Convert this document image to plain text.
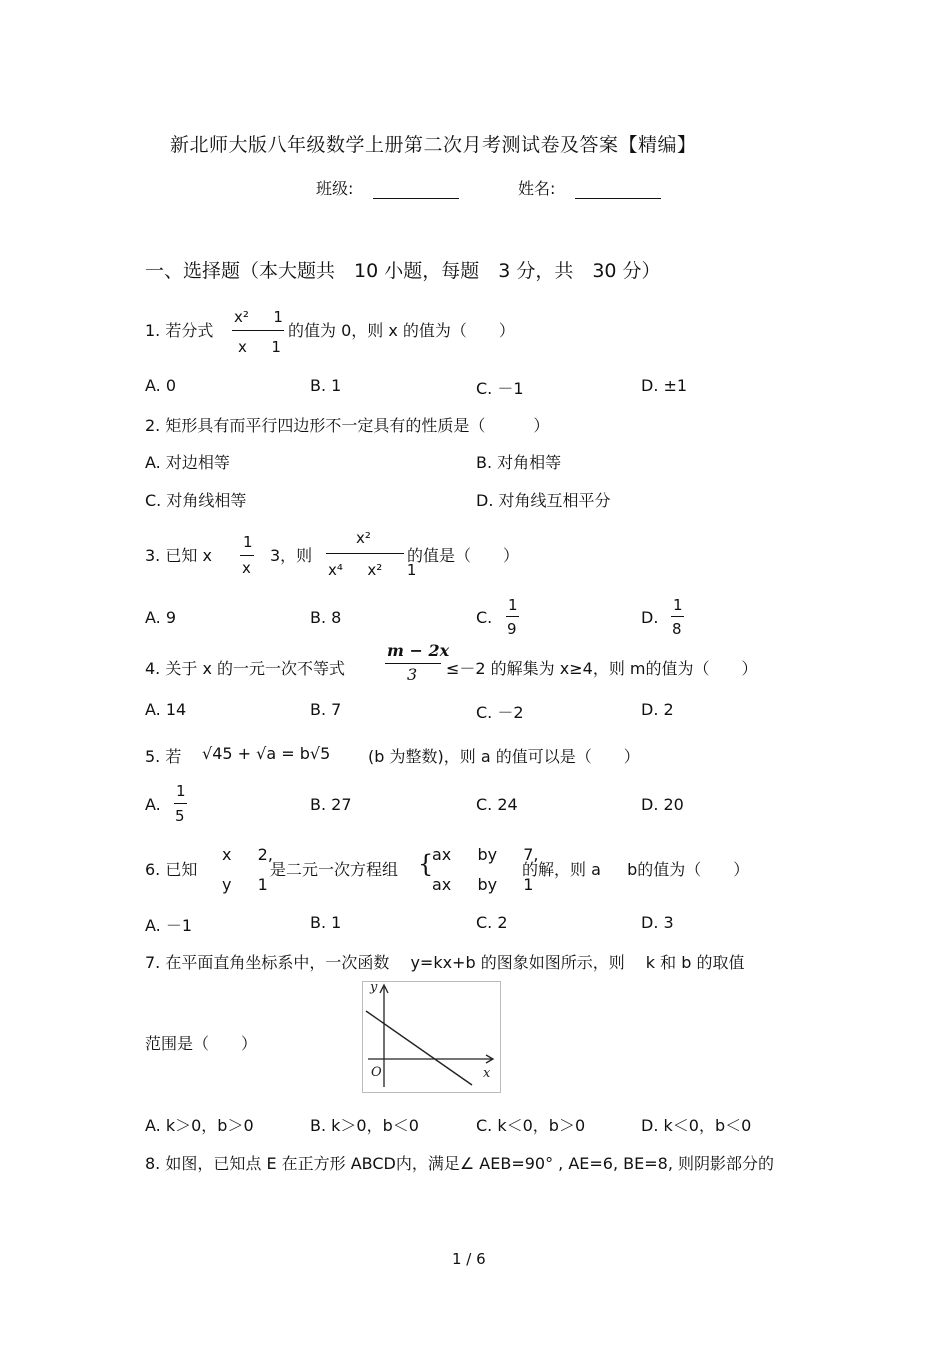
新北师大版八年级数学上册第二次月考测试卷及答案【精编】
班级:	姓名:
一、选择题（本大题共　10 小题，每题　3 分，共　30 分）
1. 若分式
x² 　 1
x 　 1
的值为 0，则 x 的值为（　　）
A. 0	B. 1	C. －1	D. ±1
2. 矩形具有而平行四边形不一定具有的性质是（　　　）
A. 对边相等	B. 对角相等
C. 对角线相等	D. 对角线互相平分
3. 已知 x
1
x
3，则
x²
x⁴ 　 x² 　 1
的值是（　　）
A. 9	B. 8	C.
1
9
D.
1
8
4. 关于 x 的一元一次不等式
m − 2x
3 ≤－2 的解集为 x≥4，则 m的值为（　　）
A. 14	B. 7	C. －2	D. 2
5. 若 √45 + √a = b√5 (b 为整数)，则 a 的值可以是（　　）
A.
1
5
B. 27	C. 24	D. 20
6. 已知
x 　 2,
y 　 1
是二元一次方程组 {
ax 　 by 　 7,
ax 　 by 　 1
的解，则 a 　 b的值为（　　）
A. －1	B. 1	C. 2	D. 3
7. 在平面直角坐标系中，一次函数　 y=kx+b 的图象如图所示，则　 k 和 b 的取值
y
x
O
范围是（　　）
A. k＞0，b＞0	B. k＞0，b＜0	C. k＜0，b＞0	D. k＜0，b＜0
8. 如图，已知点 E 在正方形 ABCD内，满足∠ AEB=90° , AE=6, BE=8, 则阴影部分的
1 / 6
